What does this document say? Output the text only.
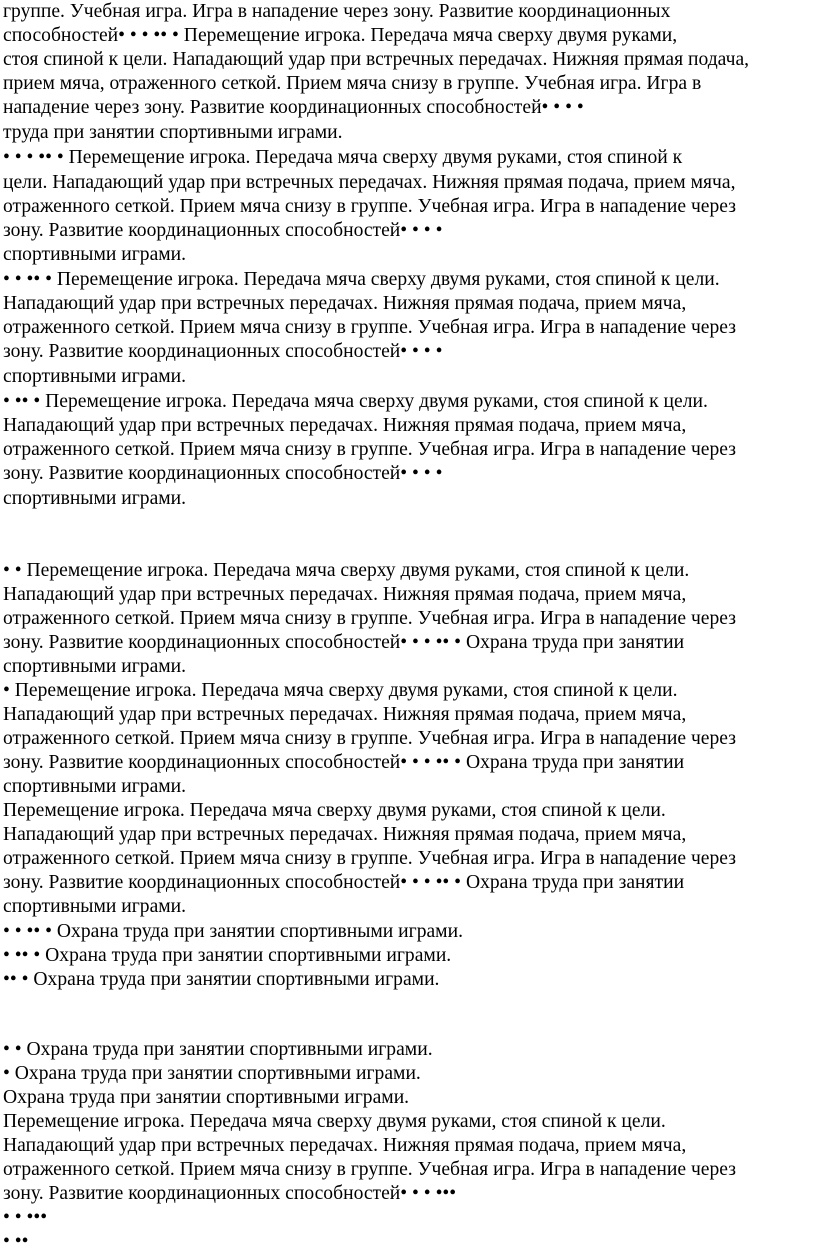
группе. Учебная игра. Игра в нападение через зону. Развитие координационных

способностей• • • •• • Перемещение игрока. Передача мяча сверху двумя руками,

стоя спиной к цели. Нападающий удар при встречных передачах. Нижняя прямая подача,

прием мяча, отраженного сеткой. Прием мяча снизу в группе. Учебная игра. Игра в

нападение через зону. Развитие координационных способностей• • • •

труда при занятии спортивными играми.

• • • •• • Перемещение игрока. Передача мяча сверху двумя руками, стоя спиной к

цели. Нападающий удар при встречных передачах. Нижняя прямая подача, прием мяча,

отраженного сеткой. Прием мяча снизу в группе. Учебная игра. Игра в нападение через

зону. Развитие координационных способностей• • • •

спортивными играми.

• • •• • Перемещение игрока. Передача мяча сверху двумя руками, стоя спиной к цели.

Нападающий удар при встречных передачах. Нижняя прямая подача, прием мяча,

отраженного сеткой. Прием мяча снизу в группе. Учебная игра. Игра в нападение через

зону. Развитие координационных способностей• • • •

спортивными играми.

• •• • Перемещение игрока. Передача мяча сверху двумя руками, стоя спиной к цели.

Нападающий удар при встречных передачах. Нижняя прямая подача, прием мяча,

отраженного сеткой. Прием мяча снизу в группе. Учебная игра. Игра в нападение через

зону. Развитие координационных способностей• • • •

спортивными играми.

• • Перемещение игрока. Передача мяча сверху двумя руками, стоя спиной к цели.

Нападающий удар при встречных передачах. Нижняя прямая подача, прием мяча,

отраженного сеткой. Прием мяча снизу в группе. Учебная игра. Игра в нападение через

зону. Развитие координационных способностей• • • •• • Охрана труда при занятии

спортивными играми.

• Перемещение игрока. Передача мяча сверху двумя руками, стоя спиной к цели.

Нападающий удар при встречных передачах. Нижняя прямая подача, прием мяча,

отраженного сеткой. Прием мяча снизу в группе. Учебная игра. Игра в нападение через

зону. Развитие координационных способностей• • • •• • Охрана труда при занятии

спортивными играми.

Перемещение игрока. Передача мяча сверху двумя руками, стоя спиной к цели.

Нападающий удар при встречных передачах. Нижняя прямая подача, прием мяча,

отраженного сеткой. Прием мяча снизу в группе. Учебная игра. Игра в нападение через

зону. Развитие координационных способностей• • • •• • Охрана труда при занятии

спортивными играми.

• • •• • Охрана труда при занятии спортивными играми.

• •• • Охрана труда при занятии спортивными играми.

•• • Охрана труда при занятии спортивными играми.

• • Охрана труда при занятии спортивными играми.

• Охрана труда при занятии спортивными играми.

Охрана труда при занятии спортивными играми.

Перемещение игрока. Передача мяча сверху двумя руками, стоя спиной к цели.

Нападающий удар при встречных передачах. Нижняя прямая подача, прием мяча,

отраженного сеткой. Прием мяча снизу в группе. Учебная игра. Игра в нападение через

зону. Развитие координационных способностей• • • •••

• • •••

• ••
